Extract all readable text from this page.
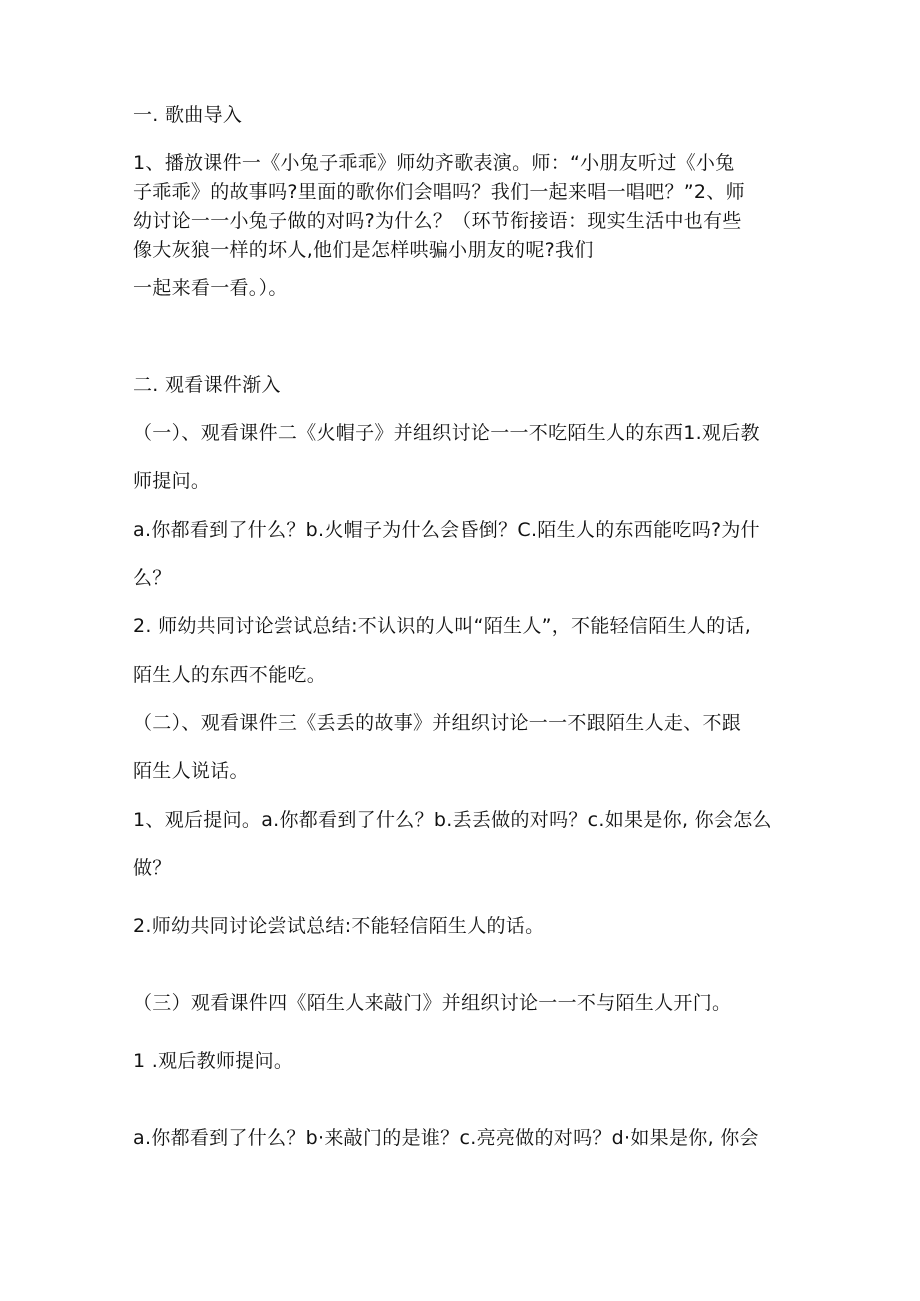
一. 歌曲导入
1、播放课件一《小兔子乖乖》师幼齐歌表演。师：“小朋友听过《小兔
子乖乖》的故事吗?里面的歌你们会唱吗？我们一起来唱一唱吧？”2、师
幼讨论一一小兔子做的对吗?为什么？（环节衔接语：现实生活中也有些
像大灰狼一样的坏人,他们是怎样哄骗小朋友的呢?我们
一起来看一看。）。
二. 观看课件渐入
（一）、观看课件二《火帽子》并组织讨论一一不吃陌生人的东西1.观后教
师提问。
a.你都看到了什么？b.火帽子为什么会昏倒？C.陌生人的东西能吃吗?为什
么？
2. 师幼共同讨论尝试总结:不认识的人叫“陌生人”，不能轻信陌生人的话,
陌生人的东西不能吃。
（二）、观看课件三《丢丢的故事》并组织讨论一一不跟陌生人走、不跟
陌生人说话。
1、观后提问。a.你都看到了什么？b.丢丢做的对吗？c.如果是你, 你会怎么
做？
2.师幼共同讨论尝试总结:不能轻信陌生人的话。
（三）观看课件四《陌生人来敲门》并组织讨论一一不与陌生人开门。
1 .观后教师提问。
a.你都看到了什么？b·来敲门的是谁？c.亮亮做的对吗？d·如果是你, 你会
